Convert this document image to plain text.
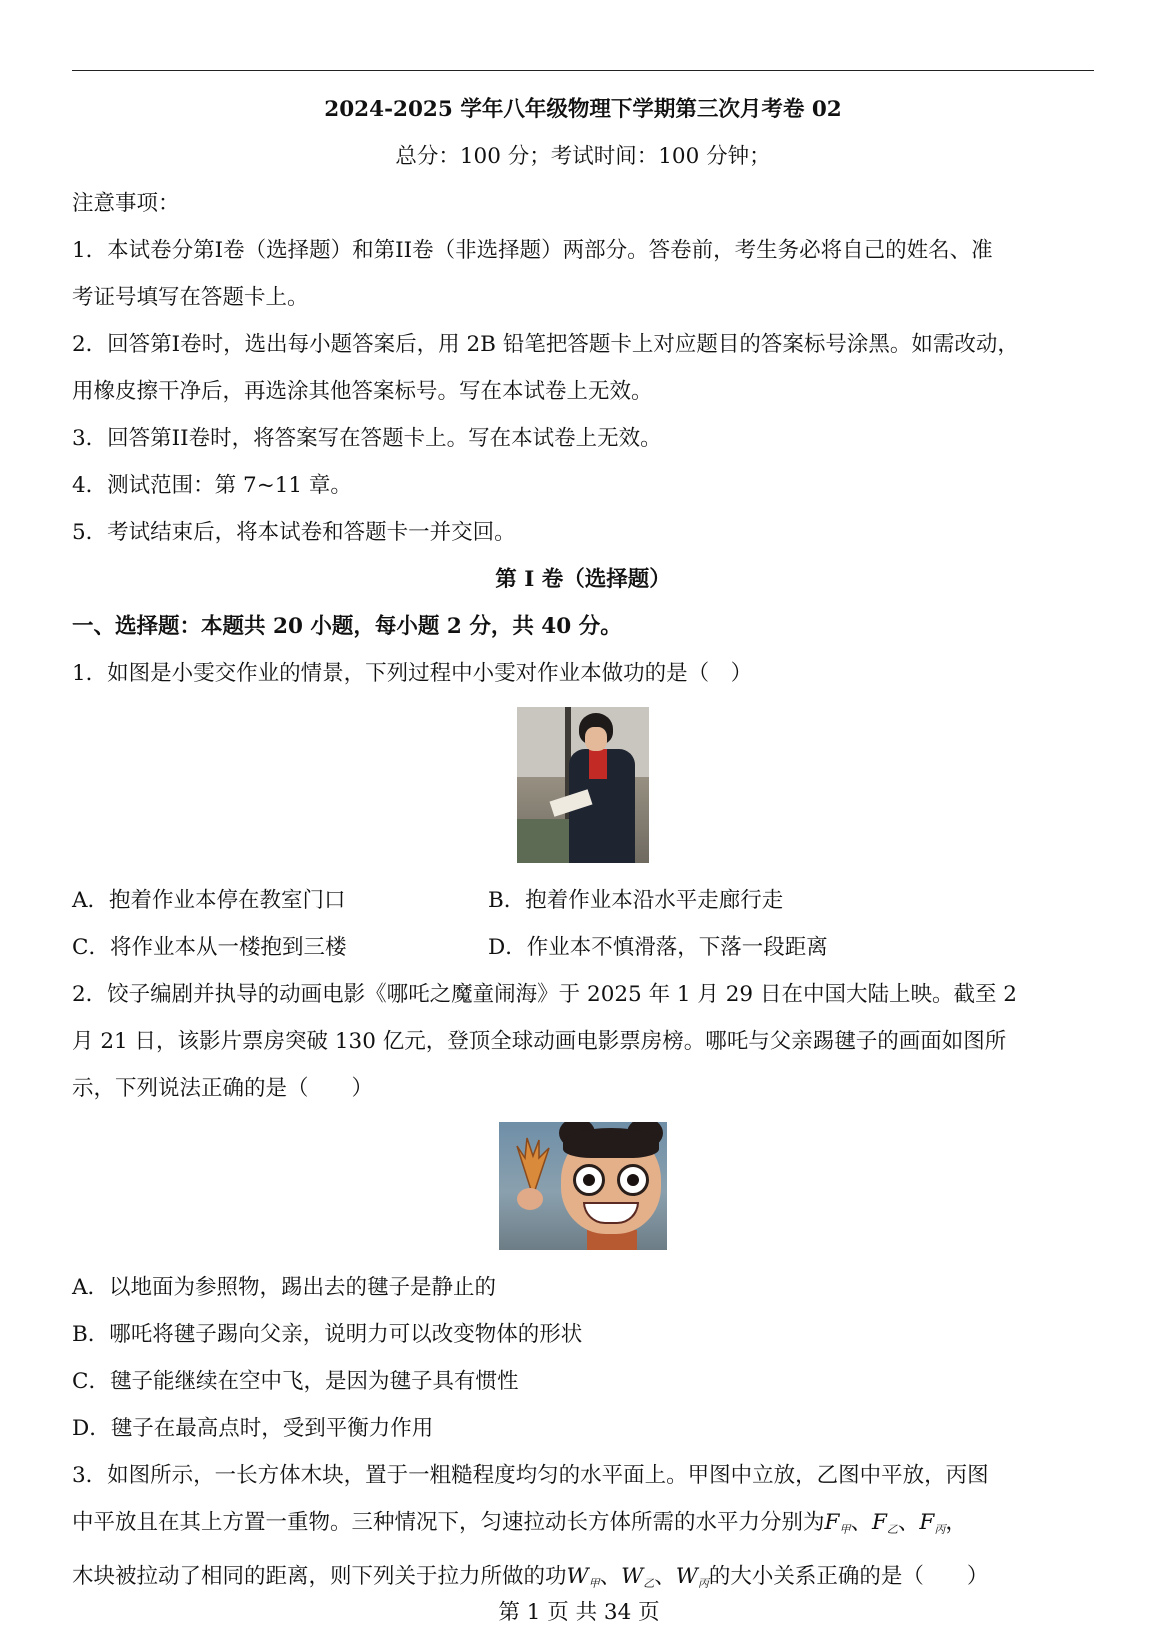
2024-2025 学年八年级物理下学期第三次月考卷 02
总分：100 分；考试时间：100 分钟；
注意事项：
1．本试卷分第I卷（选择题）和第II卷（非选择题）两部分。答卷前，考生务必将自己的姓名、准
考证号填写在答题卡上。
2．回答第I卷时，选出每小题答案后，用 2B 铅笔把答题卡上对应题目的答案标号涂黑。如需改动，
用橡皮擦干净后，再选涂其他答案标号。写在本试卷上无效。
3．回答第II卷时，将答案写在答题卡上。写在本试卷上无效。
4．测试范围：第 7~11 章。
5．考试结束后，将本试卷和答题卡一并交回。
第 I 卷（选择题）
一、选择题：本题共 20 小题，每小题 2 分，共 40 分。
1．如图是小雯交作业的情景，下列过程中小雯对作业本做功的是（　）
A．抱着作业本停在教室门口	B．抱着作业本沿水平走廊行走
C．将作业本从一楼抱到三楼	D．作业本不慎滑落，下落一段距离
2．饺子编剧并执导的动画电影《哪吒之魔童闹海》于 2025 年 1 月 29 日在中国大陆上映。截至 2
月 21 日，该影片票房突破 130 亿元，登顶全球动画电影票房榜。哪吒与父亲踢毽子的画面如图所
示，下列说法正确的是（　　）
A．以地面为参照物，踢出去的毽子是静止的
B．哪吒将毽子踢向父亲，说明力可以改变物体的形状
C．毽子能继续在空中飞，是因为毽子具有惯性
D．毽子在最高点时，受到平衡力作用
3．如图所示，一长方体木块，置于一粗糙程度均匀的水平面上。甲图中立放，乙图中平放，丙图
中平放且在其上方置一重物。三种情况下，匀速拉动长方体所需的水平力分别为$F_甲$、$F_乙$、$F_丙$，
木块被拉动了相同的距离，则下列关于拉力所做的功$W_甲$、$W_乙$、$W_丙$的大小关系正确的是（　　）
第 1 页 共 34 页
